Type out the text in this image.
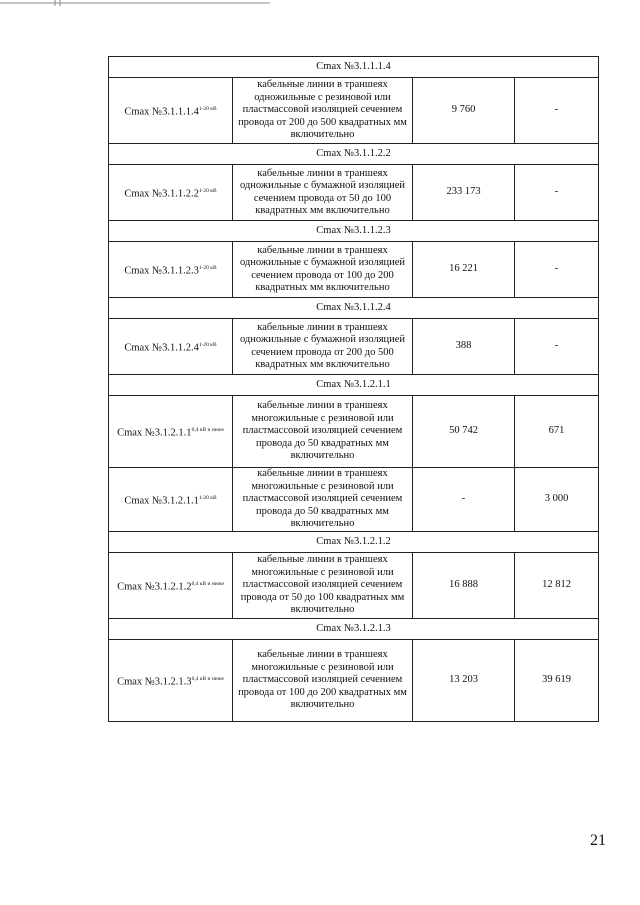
Cmax №3.1.1.1.4			
Cmax $№3.1.1.1.4^{1-20 кВ}$	кабельные линии в траншеях одножильные с резиновой или пластмассовой изоляцией сечением провода от 200 до 500 квадратных мм включительно	9 760	-
Cmax №3.1.1.2.2			
Cmax $№3.1.1.2.2^{1-20 кВ}$	кабельные линии в траншеях одножильные с бумажной изоляцией сечением провода от 50 до 100 квадратных мм включительно	233 173	-
Cmax №3.1.1.2.3			
Cmax $№3.1.1.2.3^{1-20 кВ}$	кабельные линии в траншеях одножильные с бумажной изоляцией сечением провода от 100 до 200 квадратных мм включительно	16 221	-
Cmax №3.1.1.2.4			
Cmax $№3.1.1.2.4^{1-20 кВ}$	кабельные линии в траншеях одножильные с бумажной изоляцией сечением провода от 200 до 500 квадратных мм включительно	388	-
Cmax №3.1.2.1.1			
Cmax $№3.1.2.1.1^{0,4 кВ и ниже}$	кабельные линии в траншеях многожильные с резиновой или пластмассовой изоляцией сечением провода до 50 квадратных мм включительно	50 742	671
Cmax $№3.1.2.1.1^{1-20 кВ}$	кабельные линии в траншеях многожильные с резиновой или пластмассовой изоляцией сечением провода до 50 квадратных мм включительно	-	3 000
Cmax №3.1.2.1.2			
Cmax $№3.1.2.1.2^{0,4 кВ и ниже}$	кабельные линии в траншеях многожильные с резиновой или пластмассовой изоляцией сечением провода от 50 до 100 квадратных мм включительно	16 888	12 812
Cmax №3.1.2.1.3			
Cmax $№3.1.2.1.3^{0,4 кВ и ниже}$	кабельные линии в траншеях многожильные с резиновой или пластмассовой изоляцией сечением провода от 100 до 200 квадратных мм включительно	13 203	39 619
21
